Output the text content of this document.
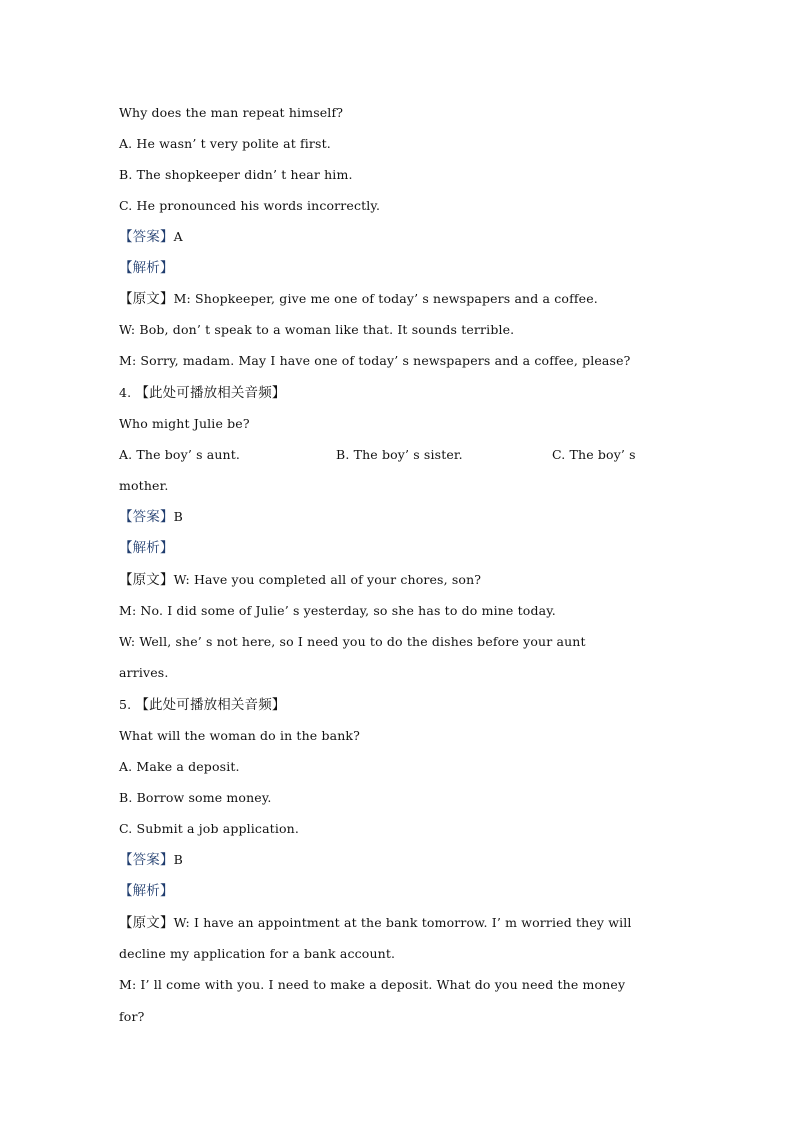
Why does the man repeat himself?
A. He wasn’ t very polite at first.
B. The shopkeeper didn’ t hear him.
C. He pronounced his words incorrectly.
【答案】A
【解析】
【原文】M: Shopkeeper, give me one of today’ s newspapers and a coffee.
W: Bob, don’ t speak to a woman like that. It sounds terrible.
M: Sorry, madam. May I have one of today’ s newspapers and a coffee, please?
4. 【此处可播放相关音频】
Who might Julie be?
A. The boy’ s aunt.	B. The boy’ s sister.	C. The boy’ s
mother.
【答案】B
【解析】
【原文】W: Have you completed all of your chores, son?
M: No. I did some of Julie’ s yesterday, so she has to do mine today.
W: Well, she’ s not here, so I need you to do the dishes before your aunt
arrives.
5. 【此处可播放相关音频】
What will the woman do in the bank?
A. Make a deposit.
B. Borrow some money.
C. Submit a job application.
【答案】B
【解析】
【原文】W: I have an appointment at the bank tomorrow. I’ m worried they will
decline my application for a bank account.
M: I’ ll come with you. I need to make a deposit. What do you need the money
for?
